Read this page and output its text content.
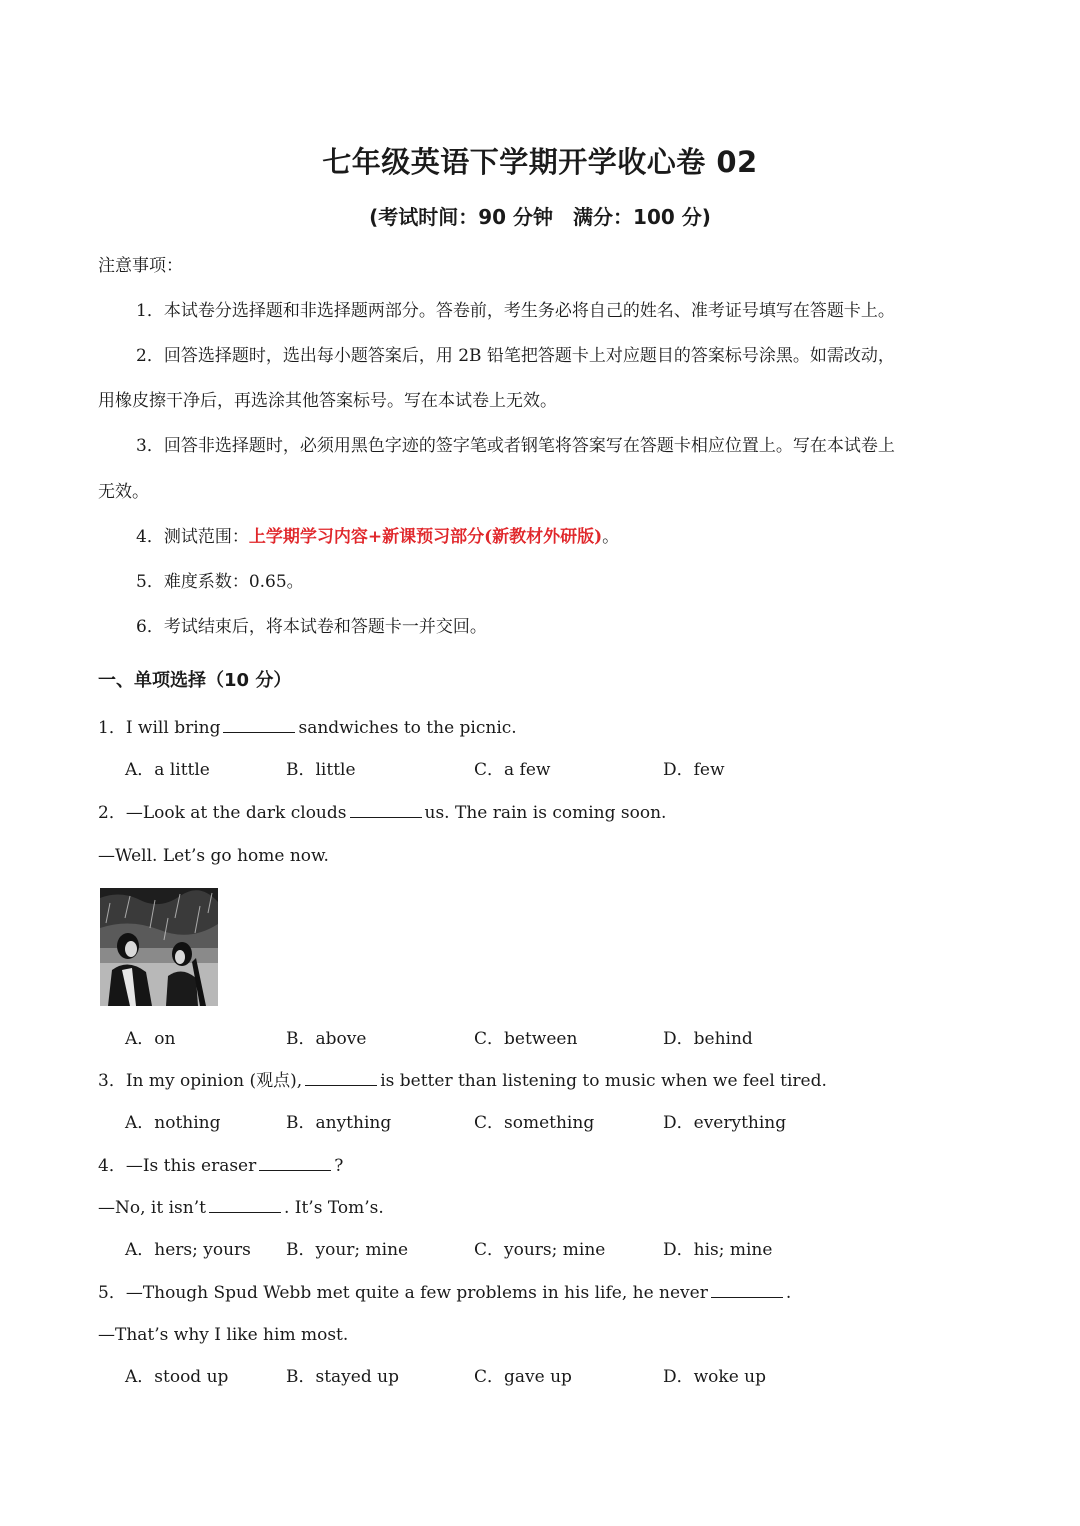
七年级英语下学期开学收心卷 02
(考试时间：90 分钟　满分：100 分)
注意事项：
1．本试卷分选择题和非选择题两部分。答卷前，考生务必将自己的姓名、准考证号填写在答题卡上。
2．回答选择题时，选出每小题答案后，用 2B 铅笔把答题卡上对应题目的答案标号涂黑。如需改动，
用橡皮擦干净后，再选涂其他答案标号。写在本试卷上无效。
3．回答非选择题时，必须用黑色字迹的签字笔或者钢笔将答案写在答题卡相应位置上。写在本试卷上
无效。
4．测试范围：上学期学习内容+新课预习部分(新教材外研版)。
5．难度系数：0.65。
6．考试结束后，将本试卷和答题卡一并交回。
一、单项选择（10 分）
1．I will bring	sandwiches to the picnic.
A．a little	B．little	C．a few	D．few
2．—Look at the dark clouds	us. The rain is coming soon.
—Well. Let’s go home now.
A．on	B．above	C．between	D．behind
3．In my opinion (观点),	is better than listening to music when we feel tired.
A．nothing	B．anything	C．something	D．everything
4．—Is this eraser	?
—No, it isn’t	. It’s Tom’s.
A．hers; yours B．your; mine	C．yours; mine	D．his; mine
5．—Though Spud Webb met quite a few problems in his life, he never	.
—That’s why I like him most.
A．stood up	B．stayed up	C．gave up	D．woke up
